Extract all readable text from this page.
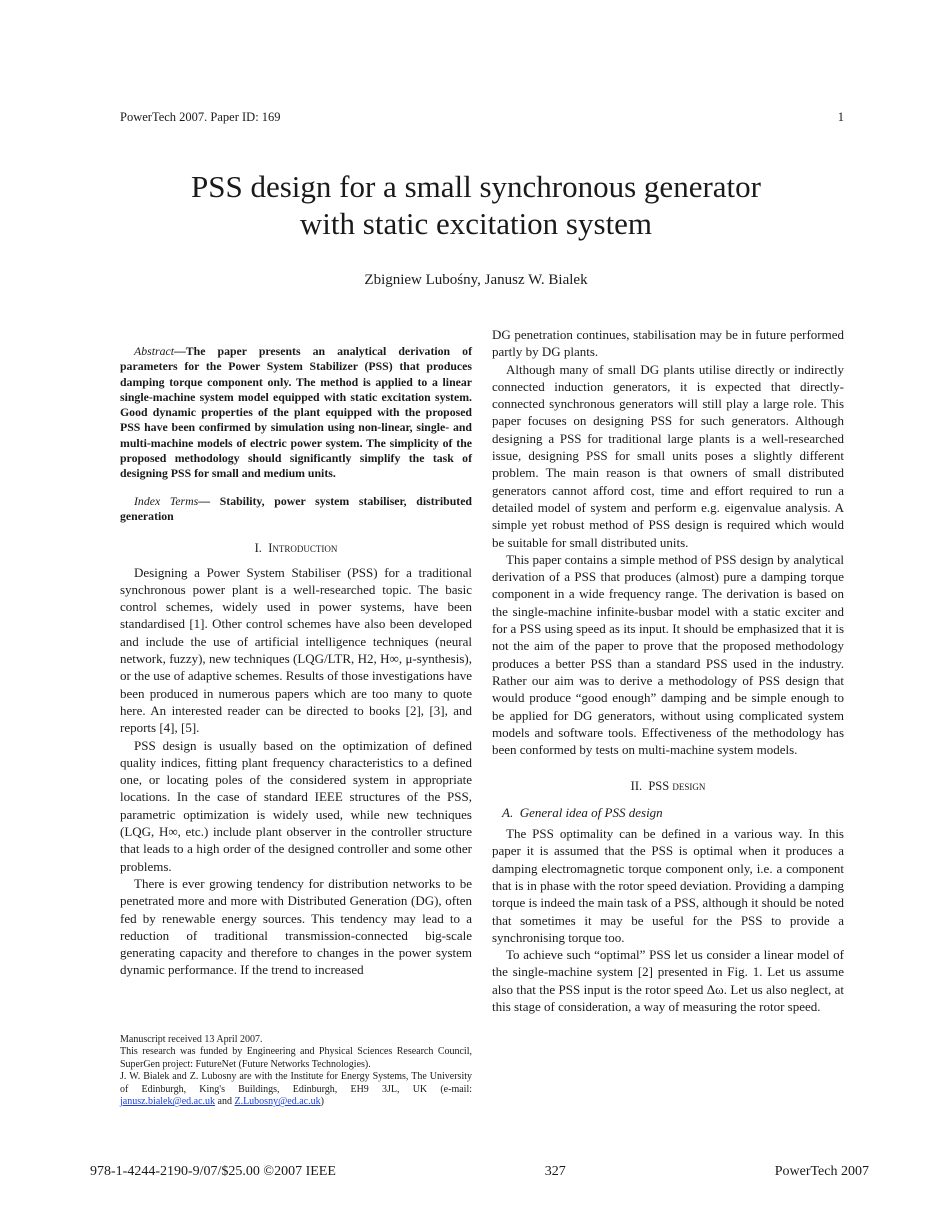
PowerTech 2007. Paper ID: 169	1
PSS design for a small synchronous generator
with static excitation system
Zbigniew Lubośny, Janusz W. Bialek
Abstract—The paper presents an analytical derivation of parameters for the Power System Stabilizer (PSS) that produces damping torque component only. The method is applied to a linear single-machine system model equipped with static excitation system. Good dynamic properties of the plant equipped with the proposed PSS have been confirmed by simulation using non-linear, single- and multi-machine models of electric power system. The simplicity of the proposed methodology should significantly simplify the task of designing PSS for small and medium units.
Index Terms— Stability, power system stabiliser, distributed generation
I. Introduction

Designing a Power System Stabiliser (PSS) for a traditional synchronous power plant is a well-researched topic. The basic control schemes, widely used in power systems, have been standardised [1]. Other control schemes have also been developed and include the use of artificial intelligence techniques (neural network, fuzzy), new techniques (LQG/LTR, H2, H∞, μ-synthesis), or the use of adaptive schemes. Results of those investigations have been produced in numerous papers which are too many to quote here. An interested reader can be directed to books [2], [3], and reports [4], [5].

PSS design is usually based on the optimization of defined quality indices, fitting plant frequency characteristics to a defined one, or locating poles of the considered system in appropriate locations. In the case of standard IEEE structures of the PSS, parametric optimization is widely used, while new techniques (LQG, H∞, etc.) include plant observer in the controller structure that leads to a high order of the designed controller and some other problems.

There is ever growing tendency for distribution networks to be penetrated more and more with Distributed Generation (DG), often fed by renewable energy sources. This tendency may lead to a reduction of traditional transmission-connected big-scale generating capacity and therefore to changes in the power system dynamic performance. If the trend to increased

DG penetration continues, stabilisation may be in future performed partly by DG plants.

Although many of small DG plants utilise directly or indirectly connected induction generators, it is expected that directly-connected synchronous generators will still play a large role. This paper focuses on designing PSS for such generators. Although designing a PSS for traditional large plants is a well-researched issue, designing PSS for small units poses a slightly different problem. The main reason is that owners of small distributed generators cannot afford cost, time and effort required to run a detailed model of system and perform e.g. eigenvalue analysis. A simple yet robust method of PSS design is required which would be suitable for small distributed units.

This paper contains a simple method of PSS design by analytical derivation of a PSS that produces (almost) pure a damping torque component in a wide frequency range. The derivation is based on the single-machine infinite-busbar model with a static exciter and for a PSS using speed as its input. It should be emphasized that it is not the aim of the paper to prove that the proposed methodology produces a better PSS than a standard PSS used in the industry. Rather our aim was to derive a methodology of PSS design that would produce “good enough” damping and be simple enough to be applied for DG generators, without using complicated system models and software tools. Effectiveness of the methodology has been conformed by tests on multi-machine system models.

II. PSS design
A. General idea of PSS design

The PSS optimality can be defined in a various way. In this paper it is assumed that the PSS is optimal when it produces a damping electromagnetic torque component only, i.e. a component that is in phase with the rotor speed deviation. Providing a damping torque is indeed the main task of a PSS, although it should be noted that sometimes it may be useful for the PSS to provide a synchronising torque too.

To achieve such “optimal” PSS let us consider a linear model of the single-machine system [2] presented in Fig. 1. Let us assume also that the PSS input is the rotor speed Δω. Let us also neglect, at this stage of consideration, a way of measuring the rotor speed.

Manuscript received 13 April 2007.
This research was funded by Engineering and Physical Sciences Research Council, SuperGen project: FutureNet (Future Networks Technologies).
J. W. Bialek and Z. Lubosny are with the Institute for Energy Systems, The University of Edinburgh, King's Buildings, Edinburgh, EH9 3JL, UK (e-mail: janusz.bialek@ed.ac.uk and Z.Lubosny@ed.ac.uk)
978-1-4244-2190-9/07/$25.00 ©2007 IEEE	327	PowerTech 2007
